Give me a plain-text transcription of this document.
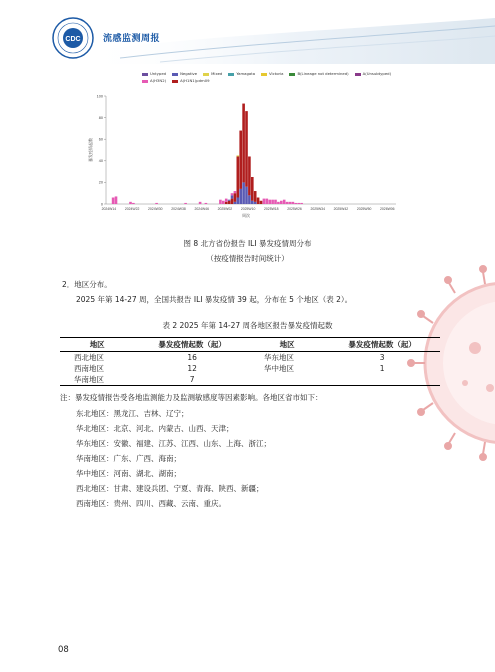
CDC 流感监测周报
Untyped	Negative	Mixed	Yamagata	Victoria	B(Lineage not determined)	A(Unsubtyped)A(H3N2)	A(H1N1)pdm09
0
20
40
60
80
100
暴发疫情起数
2024W14	2024W22	2024W30	2024W38	2024W46	2025W02	2025W10	2025W18	2025W26	2025W34	2025W42	2025W50	2026W06
周次
图 8 北方省份报告 ILI 暴发疫情周分布
（按疫情报告时间统计）
2．地区分布。
2025 年第 14-27 周，全国共报告 ILI 暴发疫情 39 起，分布在 5 个地区（表 2）。
表 2 2025 年第 14-27 周各地区报告暴发疫情起数
地区	暴发疫情起数（起）	地区	暴发疫情起数（起）
西北地区	16	华东地区	3
西南地区	12	华中地区	1
华南地区	7		
注：暴发疫情报告受各地监测能力及监测敏感度等因素影响。各地区省市如下：
东北地区：黑龙江、吉林、辽宁；
华北地区：北京、河北、内蒙古、山西、天津；
华东地区：安徽、福建、江苏、江西、山东、上海、浙江；
华南地区：广东、广西、海南；
华中地区：河南、湖北、湖南；
西北地区：甘肃、建设兵团、宁夏、青海、陕西、新疆；
西南地区：贵州、四川、西藏、云南、重庆。
08
